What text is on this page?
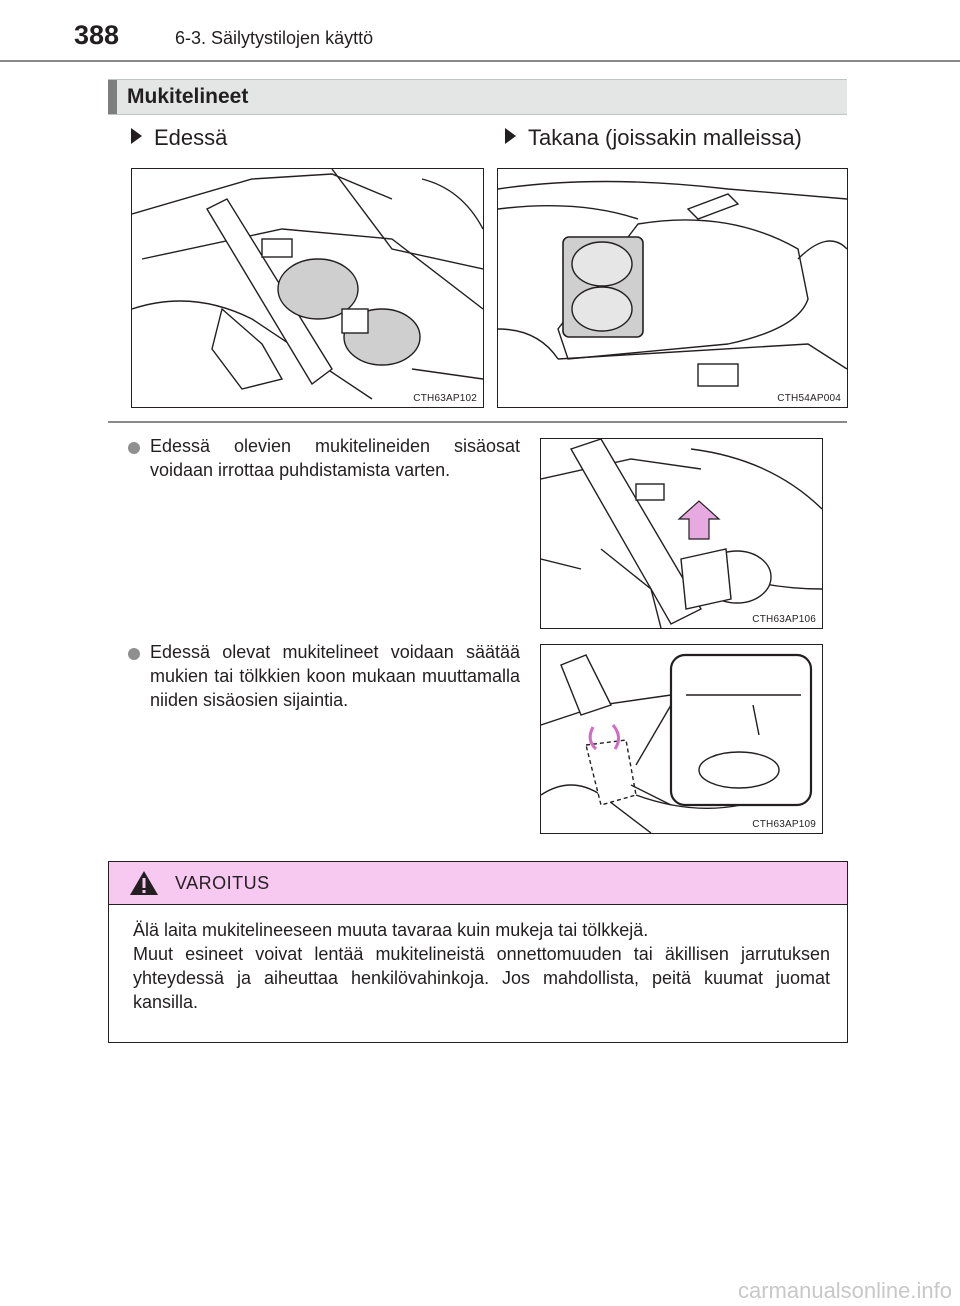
388	6-3. Säilytystilojen käyttö
Mukitelineet
Edessä	Takana (joissakin malleissa)
CTH63AP102	CTH54AP004
Edessä olevien mukitelineiden sisäosat voidaan irrottaa puhdistamista varten.
CTH63AP106
Edessä olevat mukitelineet voidaan säätää mukien tai tölkkien koon mukaan muuttamalla niiden sisäosien sijaintia.
CTH63AP109
VAROITUS
Älä laita mukitelineeseen muuta tavaraa kuin mukeja tai tölkkejä.
Muut esineet voivat lentää mukitelineistä onnettomuuden tai äkillisen jarrutuksen yhteydessä ja aiheuttaa henkilövahinkoja. Jos mahdollista, peitä kuumat juomat kansilla.
carmanualsonline.info
